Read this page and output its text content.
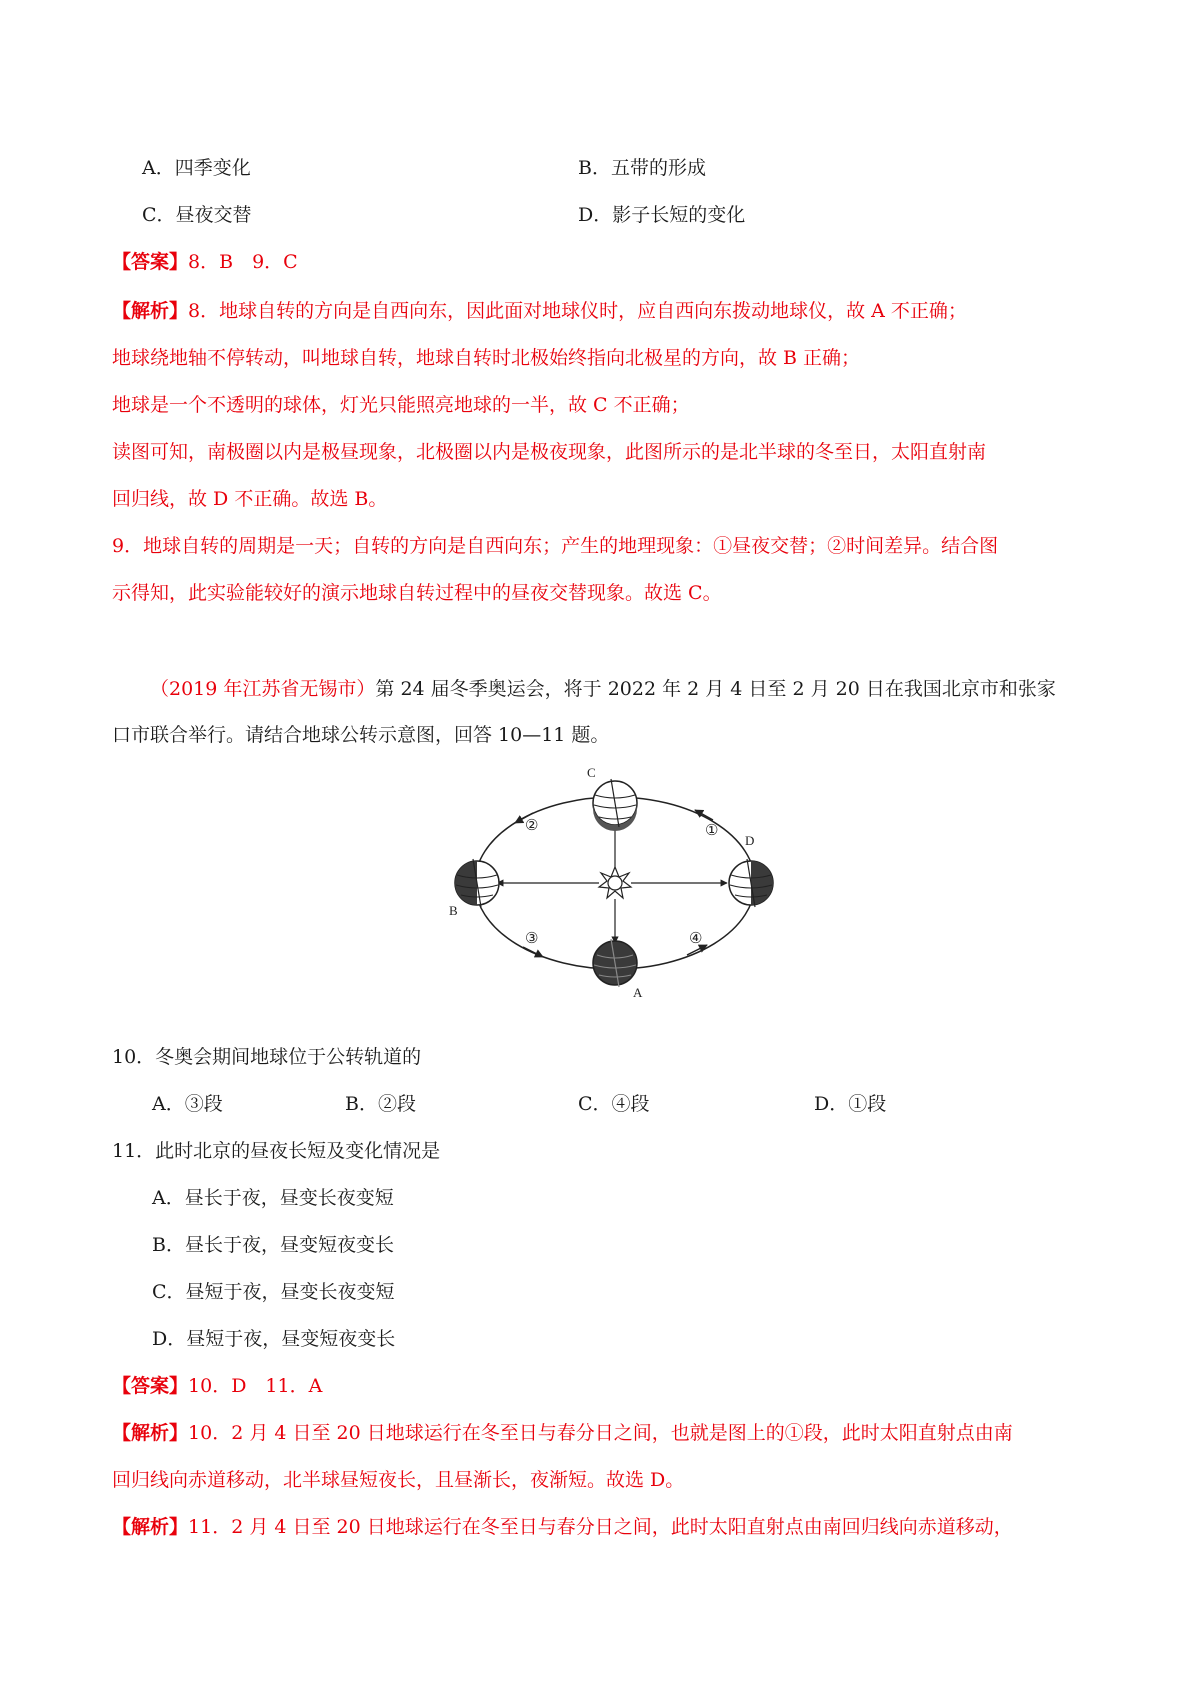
A．四季变化	B．五带的形成
C．昼夜交替	D．影子长短的变化
【答案】8．B　9．C
【解析】8．地球自转的方向是自西向东，因此面对地球仪时，应自西向东拨动地球仪，故 A 不正确；
地球绕地轴不停转动，叫地球自转，地球自转时北极始终指向北极星的方向，故 B 正确；
地球是一个不透明的球体，灯光只能照亮地球的一半，故 C 不正确；
读图可知，南极圈以内是极昼现象，北极圈以内是极夜现象，此图所示的是北半球的冬至日，太阳直射南
回归线，故 D 不正确。故选 B。
9．地球自转的周期是一天；自转的方向是自西向东；产生的地理现象：①昼夜交替；②时间差异。结合图
示得知，此实验能较好的演示地球自转过程中的昼夜交替现象。故选 C。
（2019 年江苏省无锡市）第 24 届冬季奥运会，将于 2022 年 2 月 4 日至 2 月 20 日在我国北京市和张家
口市联合举行。请结合地球公转示意图，回答 10—11 题。
C
D
B
A
①
②
③	④
10．冬奥会期间地球位于公转轨道的
A．③段	B．②段	C．④段	D．①段
11．此时北京的昼夜长短及变化情况是
A．昼长于夜，昼变长夜变短
B．昼长于夜，昼变短夜变长
C．昼短于夜，昼变长夜变短
D．昼短于夜，昼变短夜变长
【答案】10．D　11．A
【解析】10．2 月 4 日至 20 日地球运行在冬至日与春分日之间，也就是图上的①段，此时太阳直射点由南
回归线向赤道移动，北半球昼短夜长，且昼渐长，夜渐短。故选 D。
【解析】11．2 月 4 日至 20 日地球运行在冬至日与春分日之间，此时太阳直射点由南回归线向赤道移动，
